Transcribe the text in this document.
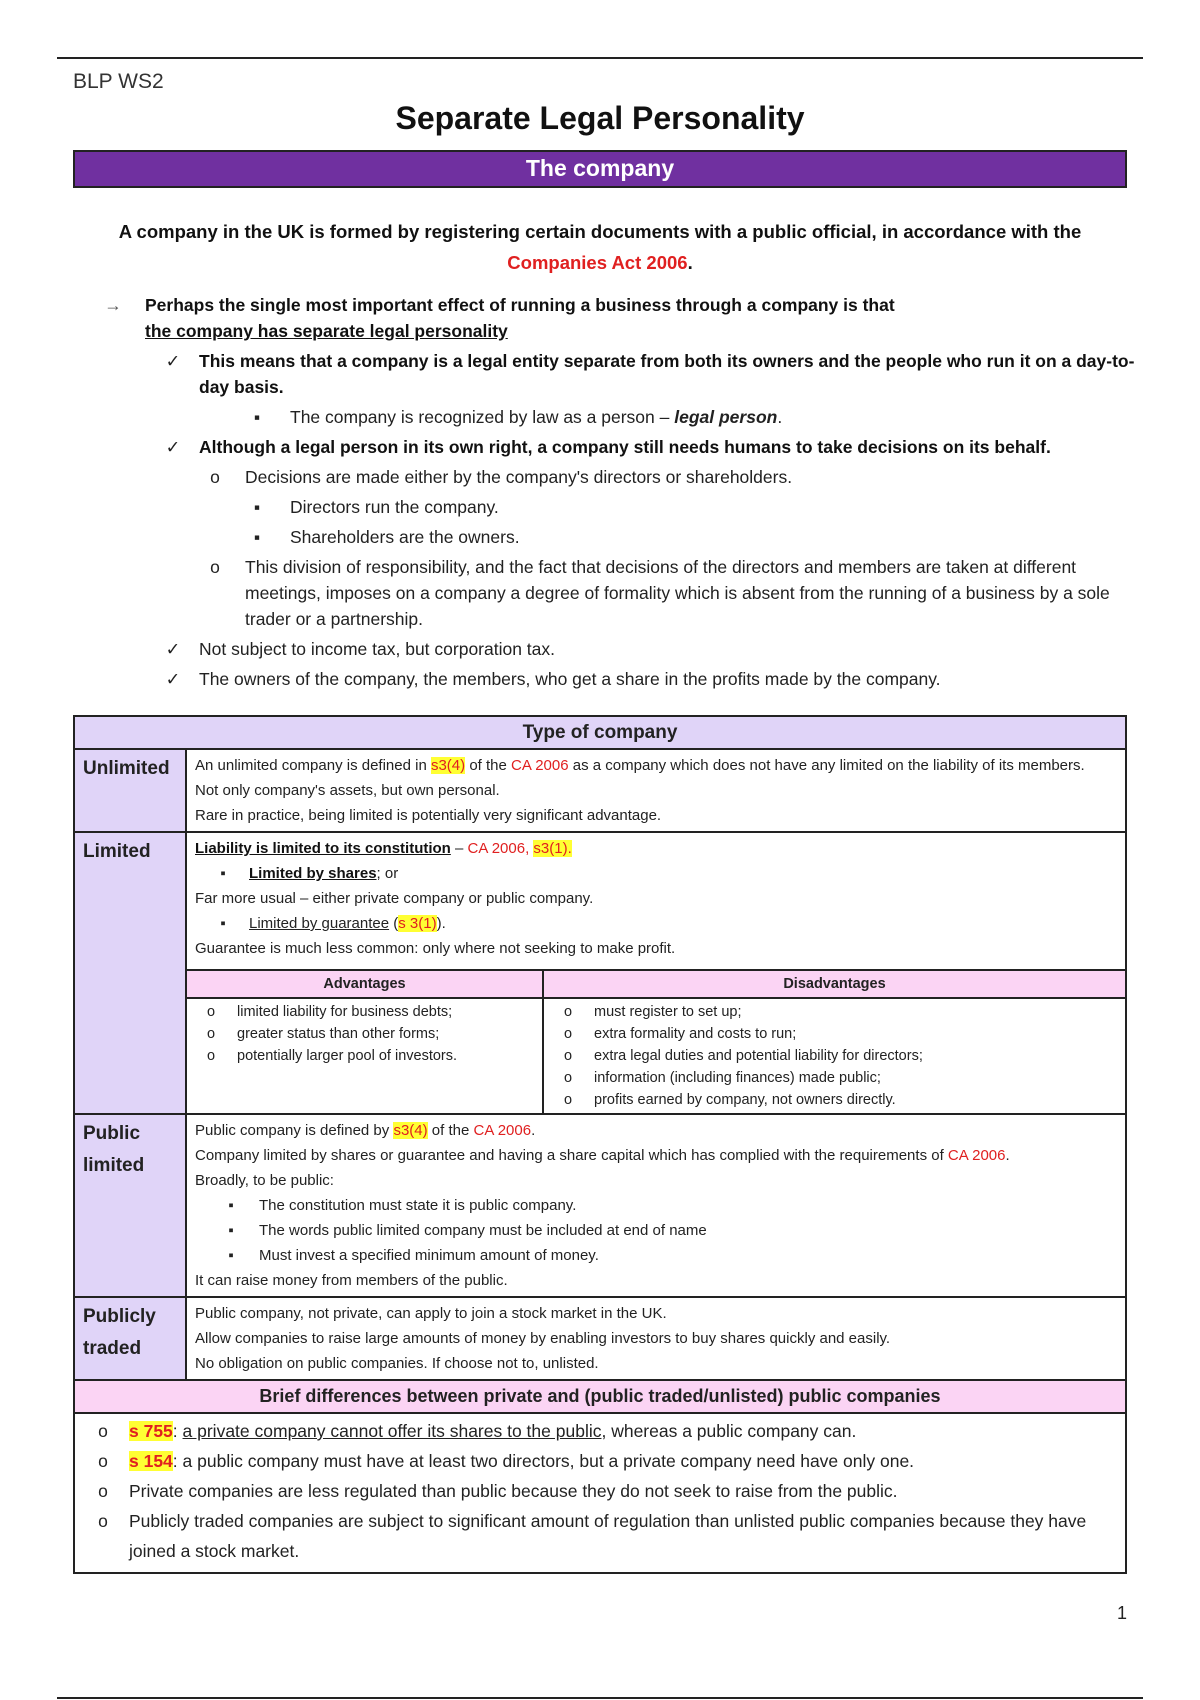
BLP WS2
Separate Legal Personality
The company
A company in the UK is formed by registering certain documents with a public official, in accordance with the
Companies Act 2006.
→ Perhaps the single most important effect of running a business through a company is that
the company has separate legal personality
✓ This means that a company is a legal entity separate from both its owners and the people who run it on a day-to-day basis.
▪	The company is recognized by law as a person – legal person.
✓ Although a legal person in its own right, a company still needs humans to take decisions on its behalf.
o Decisions are made either by the company's directors or shareholders.
▪	Directors run the company.
▪	Shareholders are the owners.
o This division of responsibility, and the fact that decisions of the directors and members are taken at different meetings, imposes on a company a degree of formality which is absent from the running of a business by a sole trader or a partnership.
✓ Not subject to income tax, but corporation tax.
✓ The owners of the company, the members, who get a share in the profits made by the company.
Type of company
Unlimited	An unlimited company is defined in s3(4) of the CA 2006 as a company which does not have any limited on the liability of its members.
Not only company's assets, but own personal.
Rare in practice, being limited is potentially very significant advantage.

Limited	Liability is limited to its constitution – CA 2006, s3(1).
▪	Limited by shares; or
Far more usual – either private company or public company.
▪	Limited by guarantee (s 3(1)).
Guarantee is much less common: only where not seeking to make profit.
Advantages	Disadvantages

o	limited liability for business debts;
o	greater status than other forms;
o	potentially larger pool of investors.

o	must register to set up;
o	extra formality and costs to run;
o	extra legal duties and potential liability for directors;
o	information (including finances) made public;
o	profits earned by company, not owners directly.

Public
limited	
Public company is defined by s3(4) of the CA 2006.
Company limited by shares or guarantee and having a share capital which has complied with the requirements of CA 2006.
Broadly, to be public:
▪	The constitution must state it is public company.
▪	The words public limited company must be included at end of name
▪	Must invest a specified minimum amount of money.
It can raise money from members of the public.

Publicly
traded	
Public company, not private, can apply to join a stock market in the UK.
Allow companies to raise large amounts of money by enabling investors to buy shares quickly and easily.
No obligation on public companies. If choose not to, unlisted.

Brief differences between private and (public traded/unlisted) public companies

o s 755: a private company cannot offer its shares to the public, whereas a public company can.
o s 154: a public company must have at least two directors, but a private company need have only one.
o Private companies are less regulated than public because they do not seek to raise from the public.
o Publicly traded companies are subject to significant amount of regulation than unlisted public companies because they have joined a stock market.
1
